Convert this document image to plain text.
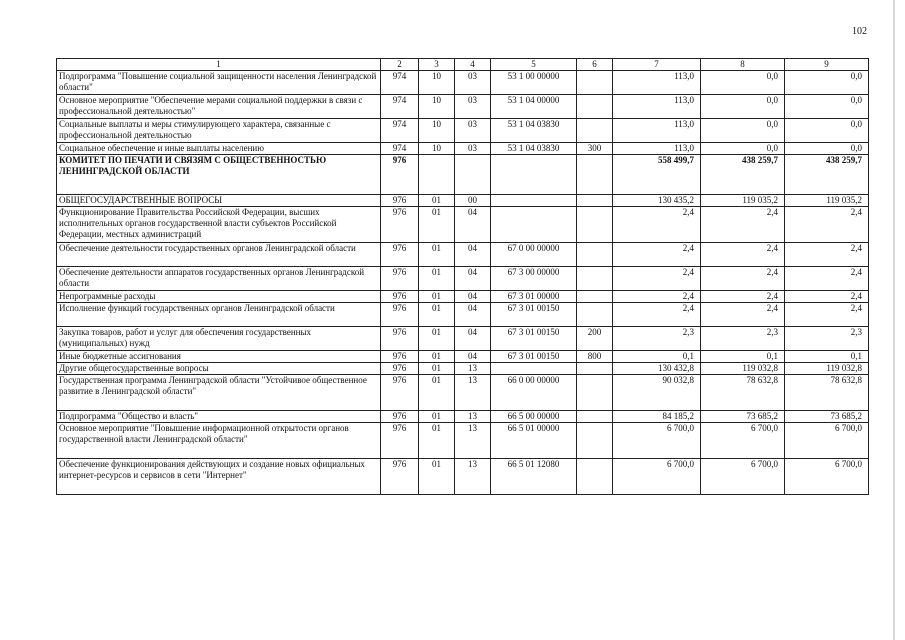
102
1	2	3	4	5	6	7	8	9
Подпрограмма "Повышение социальной защищенности населения Ленинградской области"	974	10	03	53 1 00 00000		113,0	0,0	0,0
Основное мероприятие "Обеспечение мерами социальной поддержки в связи с профессиональной деятельностью"	974	10	03	53 1 04 00000		113,0	0,0	0,0
Социальные выплаты и меры стимулирующего характера, связанные с профессиональной деятельностью	974	10	03	53 1 04 03830		113,0	0,0	0,0
Социальное обеспечение и иные выплаты населению	974	10	03	53 1 04 03830	300	113,0	0,0	0,0
КОМИТЕТ ПО ПЕЧАТИ И СВЯЗЯМ С ОБЩЕСТВЕННОСТЬЮ ЛЕНИНГРАДСКОЙ ОБЛАСТИ	976					558 499,7	438 259,7	438 259,7
ОБЩЕГОСУДАРСТВЕННЫЕ ВОПРОСЫ	976	01	00			130 435,2	119 035,2	119 035,2
Функционирование Правительства Российской Федерации, высших исполнительных органов государственной власти субъектов Российской Федерации, местных администраций	976	01	04			2,4	2,4	2,4
Обеспечение деятельности государственных органов Ленинградской области	976	01	04	67 0 00 00000		2,4	2,4	2,4
Обеспечение деятельности аппаратов государственных органов Ленинградской области	976	01	04	67 3 00 00000		2,4	2,4	2,4
Непрограммные расходы	976	01	04	67 3 01 00000		2,4	2,4	2,4
Исполнение функций государственных органов Ленинградской области	976	01	04	67 3 01 00150		2,4	2,4	2,4
Закупка товаров, работ и услуг для обеспечения государственных (муниципальных) нужд	976	01	04	67 3 01 00150	200	2,3	2,3	2,3
Иные бюджетные ассигнования	976	01	04	67 3 01 00150	800	0,1	0,1	0,1
Другие общегосударственные вопросы	976	01	13			130 432,8	119 032,8	119 032,8
Государственная программа Ленинградской области "Устойчивое общественное развитие в Ленинградской области"	976	01	13	66 0 00 00000		90 032,8	78 632,8	78 632,8
Подпрограмма "Общество и власть"	976	01	13	66 5 00 00000		84 185,2	73 685,2	73 685,2
Основное мероприятие "Повышение информационной открытости органов государственной власти Ленинградской области"	976	01	13	66 5 01 00000		6 700,0	6 700,0	6 700,0
Обеспечение функционирования действующих и создание новых официальных интернет-ресурсов и сервисов в сети "Интернет"	976	01	13	66 5 01 12080		6 700,0	6 700,0	6 700,0
